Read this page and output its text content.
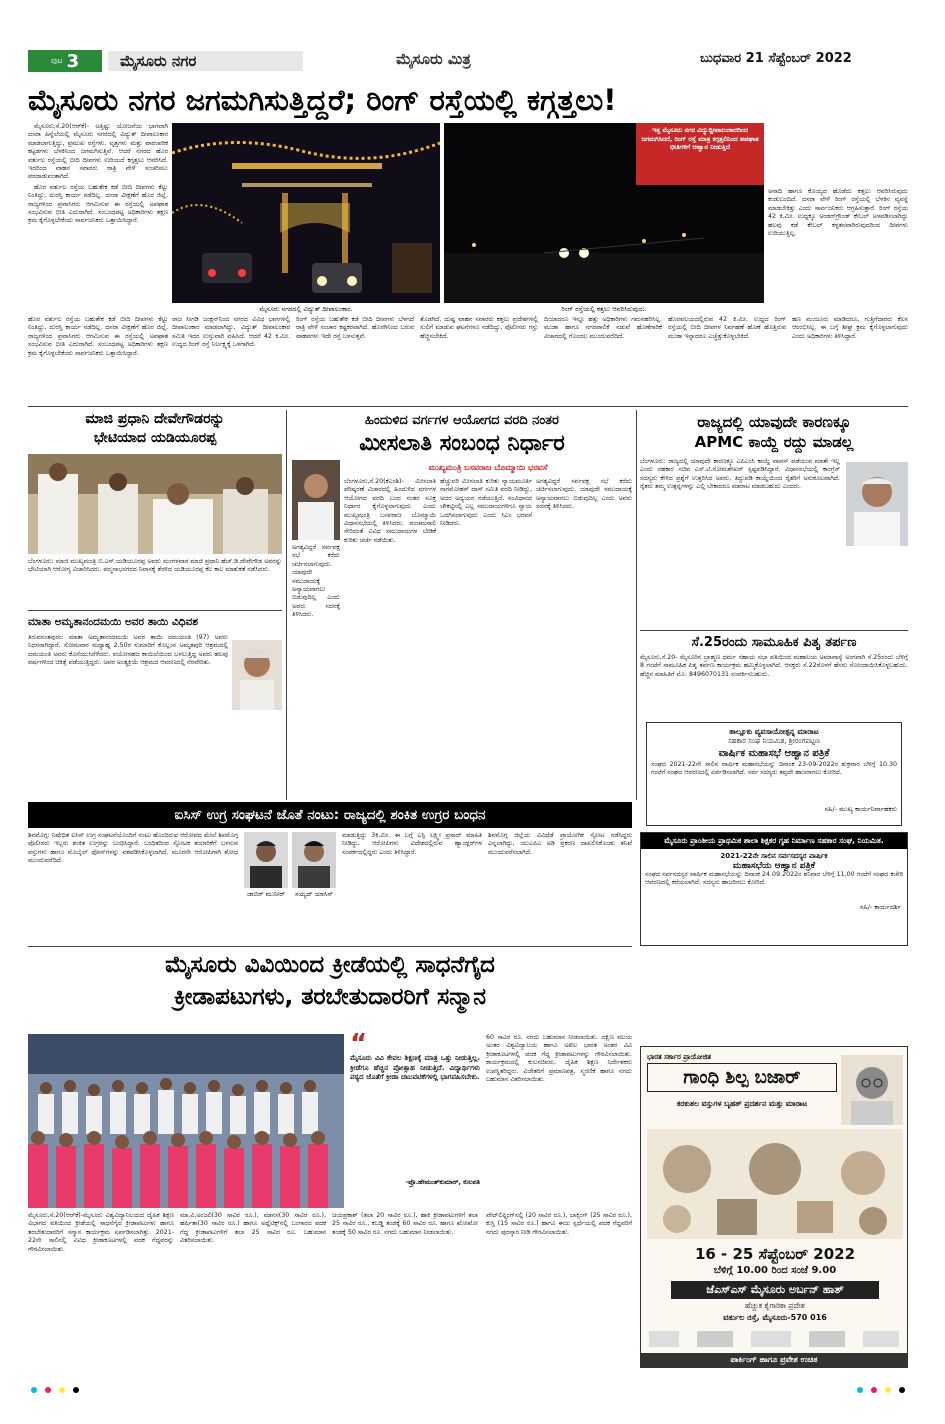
ಪುಟ 3	ಮೈಸೂರು ನಗರ	ಮೈಸೂರು ಮಿತ್ರ	ಬುಧವಾರ 21 ಸೆಪ್ಟೆಂಬರ್ 2022
ಮೈಸೂರು ನಗರ ಜಗಮಗಿಸುತ್ತಿದ್ದರೆ; ರಿಂಗ್ ರಸ್ತೆಯಲ್ಲಿ ಕಗ್ಗತ್ತಲು!

ಮೈಸೂರು,ಸೆ.20(ಆರ್‌ಕೆ)- ಅತ್ತಿಷ್ಟು ಯೋಜನೆಯ ಭಾಗವಾಗಿ ದಸರಾ ಹಿನ್ನೆಲೆಯಲ್ಲಿ ಮೈಸೂರು ನಗರದಲ್ಲಿ ವಿದ್ಯುತ್ ದೀಪಾಲಂಕಾರ ಮಾಡಲಾಗುತ್ತಿದ್ದು, ಪ್ರಮುಖ ರಸ್ತೆಗಳು, ವೃತ್ತಗಳು ಮತ್ತು ಪಾರಂಪರಿಕ ಕಟ್ಟಡಗಳು ಬೆಳಕಿನಿಂದ ಜಗಮಗಿಸುತ್ತಿವೆ. ಆದರೆ ನಗರದ ಹೊರ ವರ್ತುಲ ರಸ್ತೆಯಲ್ಲಿ ಬೀದಿ ದೀಪಗಳು ಉರಿಯದೆ ಕಗ್ಗತ್ತಲು ಆವರಿಸಿದೆ. ಇದರಿಂದ ವಾಹನ ಸವಾರರು ರಾತ್ರಿ ವೇಳೆ ಸಂಚರಿಸಲು ಪರದಾಡುವಂತಾಗಿದೆ.

ಹೊರ ವರ್ತುಲ ರಸ್ತೆಯ ಬಹುತೇಕ ಕಡೆ ಬೀದಿ ದೀಪಗಳು ಕೆಟ್ಟು ನಿಂತಿದ್ದು, ದುರಸ್ತಿ ಕಾರ್ಯ ನಡೆದಿಲ್ಲ. ದಸರಾ ವೀಕ್ಷಣೆಗೆ ಹೊರ ಜಿಲ್ಲೆ, ರಾಜ್ಯಗಳಿಂದ ಪ್ರವಾಸಿಗರು ಆಗಮಿಸುವ ಈ ರಸ್ತೆಯಲ್ಲಿ ಅಪಘಾತ ಸಂಭವಿಸುವ ಭೀತಿ ಎದುರಾಗಿದೆ. ಸಂಬಂಧಪಟ್ಟ ಅಧಿಕಾರಿಗಳು ತಕ್ಷಣ ಕ್ರಮ ಕೈಗೊಳ್ಳಬೇಕೆಂದು ಸಾರ್ವಜನಿಕರು ಒತ್ತಾಯಿಸಿದ್ದಾರೆ.

ಮೈಸೂರು ನಗರದಲ್ಲಿ ವಿದ್ಯುತ್ ದೀಪಾಲಂಕಾರ.
ಇತ್ತ ಮೈಸೂರು ನಗರ ವಿದ್ಯುದ್ದೀಪಾಲಂಕಾರದಿಂದ ಜಗಮಗಿಸಿದರೆ, ರಿಂಗ್ ರಸ್ತೆ ಮಾತ್ರ ಕಗ್ಗತ್ತಲಿನಿಂದ ಅಪಘಾತ ಭೀತಿಗಳಿಗೆ ಆಹ್ವಾನ ನೀಡುತ್ತಿದೆ
ರಿಂಗ್ ರಸ್ತೆಯಲ್ಲಿ ಕತ್ತಲು ಆವರಿಸಿರುವುದು.
ಅನಾದಿ ಹಾಗೂ ಕೊಯ್ಯದ ಹೊಡೆದು ಕತ್ತಲು ಆವರಿಸಿರುವುದು ಕಂಡುಬಂದಿದೆ. ದಸರಾ ವೇಳೆ ರಿಂಗ್ ರಸ್ತೆಯಲ್ಲಿ ಬೆಳಕಿನ ವ್ಯವಸ್ಥೆ ಮಾಡಬೇಕಿತ್ತು ಎಂದು ಸಾರ್ವಜನಿಕರು ಆಗ್ರಹಿಸುತ್ತಾರೆ. ರಿಂಗ್ ರಸ್ತೆಯ 42 ಕಿ.ಮೀ. ಉದ್ದಕ್ಕೂ ಅಂಡರ್‌ಗ್ರೌಂಡ್ ಕೇಬಲ್ ಅಳವಡಿಸಲಾಗಿದ್ದು ಹಲವು ಕಡೆ ಕೇಬಲ್ ಕಳ್ಳತನವಾಗಿರುವುದರಿಂದ ದೀಪಗಳು ಉರಿಯುತ್ತಿಲ್ಲ.
ರಾಜ ಸೀಗಡಿ ಜಂಕ್ಷನ್‌ನಿಂದ ನಗರದ ವಿವಿಧ ಭಾಗಗಳಲ್ಲಿ ದೀಪಾಲಂಕಾರ ಮಾಡಲಾಗಿದ್ದು, ವಿದ್ಯುತ್ ದೀಪಾಲಂಕಾರ ಸಮಿತಿ ಇದರ ಉಸ್ತುವಾರಿ ವಹಿಸಿದೆ. ಆದರೆ 42 ಕಿ.ಮೀ. ಉದ್ದದ ರಿಂಗ್ ರಸ್ತೆ ನಿರ್ಲಕ್ಷ್ಯಕ್ಕೆ ಒಳಗಾಗಿದೆ.
ರಿಂಗ್ ರಸ್ತೆಯ ಬಹುತೇಕ ಕಡೆ ಬೀದಿ ದೀಪಗಳು ಬೆಳಗದೆ ರಾತ್ರಿ ವೇಳೆ ಸಂಚಾರ ಕಷ್ಟಕರವಾಗಿದೆ. ಹೊರಗಿನಿಂದ ಬರುವ ವಾಹನಗಳು ಇದೇ ರಸ್ತೆ ಬಳಸುತ್ತವೆ.
ತೊಡಗಿದೆ. ದುಷ್ಟ ವಾಹನ ಸವಾರರು ಕತ್ತಲು ಪ್ರದೇಶಗಳಲ್ಲಿ ಸುಲಿಗೆ ಮಾಡುವ ಘಟನೆಗಳೂ ನಡೆದಿದ್ದು, ಪೊಲೀಸರು ಗಸ್ತು ಹೆಚ್ಚಿಸಬೇಕಿದೆ.
ದಿಯಾದರೂ ಇನ್ನೂ ಹತ್ತು ಅಧಿಕಾರಿಗಳು ಗಮನಹರಿಸಿಲ್ಲ. ಮುಡಾ ಹಾಗೂ ನಗರಪಾಲಿಕೆ ನಡುವೆ ಹೊಣೆಗಾರಿಕೆ ವಿಚಾರದಲ್ಲಿ ಗೊಂದಲ ಮುಂದುವರೆದಿದೆ.
ಹೊರವಲಯದಲ್ಲಿರುವ 42 ಕಿ.ಮೀ. ಉದ್ದದ ರಿಂಗ್ ರಸ್ತೆಯಲ್ಲಿ ಬೀದಿ ದೀಪಗಳ ನಿರ್ವಹಣೆ ಹೊಣೆ ಹೊತ್ತಿರುವ ಮುಡಾ ಇನ್ನಾದರೂ ಎಚ್ಚೆತ್ತುಕೊಳ್ಳಬೇಕಿದೆ.
ಹಣ ಮಂಜೂರು ಮಾಡಿದರೂ, ಗುತ್ತಿಗೆದಾರರು ಕೆಲಸ ಆರಂಭಿಸಿಲ್ಲ. ಈ ಬಗ್ಗೆ ಶೀಘ್ರ ಕ್ರಮ ಕೈಗೊಳ್ಳಲಾಗುವುದು ಎಂದು ಅಧಿಕಾರಿಗಳು ತಿಳಿಸಿದ್ದಾರೆ.
ಹೊರ ವರ್ತುಲ ರಸ್ತೆಯ ಬಹುತೇಕ ಕಡೆ ಬೀದಿ ದೀಪಗಳು ಕೆಟ್ಟು ನಿಂತಿದ್ದು, ದುರಸ್ತಿ ಕಾರ್ಯ ನಡೆದಿಲ್ಲ. ದಸರಾ ವೀಕ್ಷಣೆಗೆ ಹೊರ ಜಿಲ್ಲೆ, ರಾಜ್ಯಗಳಿಂದ ಪ್ರವಾಸಿಗರು ಆಗಮಿಸುವ ಈ ರಸ್ತೆಯಲ್ಲಿ ಅಪಘಾತ ಸಂಭವಿಸುವ ಭೀತಿ ಎದುರಾಗಿದೆ. ಸಂಬಂಧಪಟ್ಟ ಅಧಿಕಾರಿಗಳು ತಕ್ಷಣ ಕ್ರಮ ಕೈಗೊಳ್ಳಬೇಕೆಂದು ಸಾರ್ವಜನಿಕರು ಒತ್ತಾಯಿಸಿದ್ದಾರೆ.
ಮಾಜಿ ಪ್ರಧಾನಿ ದೇವೇಗೌಡರನ್ನು
ಭೇಟಿಯಾದ ಯಡಿಯೂರಪ್ಪ
ಬೆಂಗಳೂರು: ಮಾಜಿ ಮುಖ್ಯಮಂತ್ರಿ ಬಿ.ಎಸ್.ಯಡಿಯೂರಪ್ಪ ಅವರು ಮಂಗಳವಾರ ಮಾಜಿ ಪ್ರಧಾನಿ ಹೆಚ್.ಡಿ.ದೇವೇಗೌಡ ಅವರನ್ನು ಭೇಟಿಯಾಗಿ ಆರೋಗ್ಯ ವಿಚಾರಿಸಿದರು. ಪದ್ಮನಾಭನಗರದ ನಿವಾಸಕ್ಕೆ ತೆರಳಿದ ಯಡಿಯೂರಪ್ಪ ಕೆಲ ಕಾಲ ಮಾತುಕತೆ ನಡೆಸಿದರು.
ಮಾತಾ ಅಮೃತಾನಂದಮಯಿ ಅವರ ತಾಯಿ ವಿಧಿವಶ
ತಿರುವನಂತಪುರಂ: ಮಾತಾ ಅಮೃತಾನಂದಮಯಿ ಅವರ ತಾಯಿ ದಮಯಂತಿ (97) ಅವರು ನಿಧನರಾಗಿದ್ದಾರೆ. ಸೋಮವಾರ ಮಧ್ಯಾಹ್ನ 2.50ರ ಸುಮಾರಿಗೆ ಕೊಲ್ಲಂನ ಅಮೃತಪುರಿ ಆಶ್ರಮದಲ್ಲಿ ದಮಯಂತಿ ಅವರು ಕೊನೆಯುಸಿರೆಳೆದರು. ವಯೋಸಹಜ ಕಾಯಿಲೆಯಿಂದ ಬಳಲುತ್ತಿದ್ದ ಅವರು ಹಲವು ವರ್ಷಗಳಿಂದ ಚಿಕಿತ್ಸೆ ಪಡೆಯುತ್ತಿದ್ದರು. ಅವರ ಅಂತ್ಯಕ್ರಿಯೆ ಆಶ್ರಮದ ಆವರಣದಲ್ಲಿ ನೆರವೇರಿತು.
ಹಿಂದುಳಿದ ವರ್ಗಗಳ ಆಯೋಗದ ವರದಿ ನಂತರ
ಮೀಸಲಾತಿ ಸಂಬಂಧ ನಿರ್ಧಾರ
ಮುಖ್ಯಮಂತ್ರಿ ಬಸವರಾಜ ಬೊಮ್ಮಾಯಿ ಭರವಸೆ
ಬೆಂಗಳೂರು,ಸೆ.20(ಕೆಎಂಶಿ)- ಮೀಸಲಾತಿ ಪರಿಷ್ಕರಣೆ ವಿಚಾರದಲ್ಲಿ ಹಿಂದುಳಿದ ವರ್ಗಗಳ ಆಯೋಗದ ವರದಿ ಬಂದ ನಂತರ ಸೂಕ್ತ ನಿರ್ಧಾರ ಕೈಗೊಳ್ಳಲಾಗುವುದು ಎಂದು ಮುಖ್ಯಮಂತ್ರಿ ಬಸವರಾಜ ಬೊಮ್ಮಾಯಿ ವಿಧಾನಸಭೆಯಲ್ಲಿ ತಿಳಿಸಿದರು. ಪಂಚಮಸಾಲಿ ಸೇರಿದಂತೆ ವಿವಿಧ ಸಮುದಾಯಗಳ ಬೇಡಿಕೆ ಕುರಿತು ಚರ್ಚೆ ನಡೆಯಿತು.
ಹೆಚ್ಚುವರಿ ಮೀಸಲಾತಿ ಕುರಿತು ನ್ಯಾಯಮೂರ್ತಿ ನಾಗಮೋಹನ್ ದಾಸ್ ಸಮಿತಿ ವರದಿ ನೀಡಿದ್ದು, ಅದರ ಅಧ್ಯಯನ ನಡೆಯುತ್ತಿದೆ. ಸಂವಿಧಾನದ ಚೌಕಟ್ಟಿನಲ್ಲಿ ಎಲ್ಲ ಸಮುದಾಯಗಳಿಗೂ ನ್ಯಾಯ ಒದಗಿಸಲಾಗುವುದು ಎಂದು ಸಿಎಂ ಭರವಸೆ ನೀಡಿದರು.
ಅಗತ್ಯವಿದ್ದರೆ ಸರ್ವಪಕ್ಷ ಸಭೆ ಕರೆದು ಚರ್ಚಿಸಲಾಗುವುದು. ಯಾವುದೇ ಸಮುದಾಯಕ್ಕೆ ಅನ್ಯಾಯವಾಗಲು ಬಿಡುವುದಿಲ್ಲ ಎಂದು ಅವರು ಸದನಕ್ಕೆ ತಿಳಿಸಿದರು.
ಅಗತ್ಯವಿದ್ದರೆ ಸರ್ವಪಕ್ಷ ಸಭೆ ಕರೆದು ಚರ್ಚಿಸಲಾಗುವುದು. ಯಾವುದೇ ಸಮುದಾಯಕ್ಕೆ ಅನ್ಯಾಯವಾಗಲು ಬಿಡುವುದಿಲ್ಲ ಎಂದು ಅವರು ಸದನಕ್ಕೆ ತಿಳಿಸಿದರು.
ರಾಜ್ಯದಲ್ಲಿ ಯಾವುದೇ ಕಾರಣಕ್ಕೂ
APMC ಕಾಯ್ದೆ ರದ್ದು ಮಾಡಲ್ಲ
ಬೆಂಗಳೂರು: ರಾಜ್ಯದಲ್ಲಿ ಯಾವುದೇ ಕಾರಣಕ್ಕೂ ಎಪಿಎಂಸಿ ಕಾಯ್ದೆ ವಾಪಸ್ ಪಡೆಯುವ ಮಾತೇ ಇಲ್ಲ ಎಂದು ಸಹಕಾರ ಸಚಿವ ಎಸ್.ಟಿ.ಸೋಮಶೇಖರ್ ಸ್ಪಷ್ಟಪಡಿಸಿದ್ದಾರೆ. ವಿಧಾನಸಭೆಯಲ್ಲಿ ಕಾಂಗ್ರೆಸ್ ಸದಸ್ಯರು ಕೇಳಿದ ಪ್ರಶ್ನೆಗೆ ಉತ್ತರಿಸಿದ ಅವರು, ತಿದ್ದುಪಡಿ ಕಾಯ್ದೆಯಿಂದ ರೈತರಿಗೆ ಅನುಕೂಲವಾಗಿದೆ. ರೈತರು ತಮ್ಮ ಉತ್ಪನ್ನಗಳನ್ನು ಎಲ್ಲಿ ಬೇಕಾದರೂ ಮಾರಾಟ ಮಾಡಬಹುದು ಎಂದರು.
ಸೆ.25ರಂದು ಸಾಮೂಹಿಕ ಪಿತೃ ತರ್ಪಣ
ಮೈಸೂರು,ಸೆ.20- ಮೈಸೂರಿನ ಬ್ರಾಹ್ಮಣ ಧರ್ಮ ಸಹಾಯ ಸಭಾ ವತಿಯಿಂದ ಮಹಾಲಯ ಅಮಾವಾಸ್ಯೆ ಅಂಗವಾಗಿ ಸೆ.25ರಂದು ಬೆಳಿಗ್ಗೆ 8 ಗಂಟೆಗೆ ಸಾಮೂಹಿಕ ಪಿತೃ ತರ್ಪಣ ಕಾರ್ಯಕ್ರಮ ಹಮ್ಮಿಕೊಳ್ಳಲಾಗಿದೆ. ಆಸಕ್ತರು ಸೆ.22ರೊಳಗೆ ಹೆಸರು ನೋಂದಾಯಿಸಿಕೊಳ್ಳಬಹುದು. ಹೆಚ್ಚಿನ ಮಾಹಿತಿಗೆ ಮೊ: 8496070131 ಸಂಪರ್ಕಿಸಬಹುದು.
ತಾಲ್ಲೂಕು ವ್ಯವಸಾಯೋತ್ಪನ್ನ ಮಾರಾಟ
ಸಹಕಾರ ಸಂಘ ನಿಯಮಿತ, ಶ್ರೀರಂಗಪಟ್ಟಣ
ವಾರ್ಷಿಕ ಮಹಾಸಭೆ ಆಹ್ವಾನ ಪತ್ರಿಕೆ
ಸಂಘದ 2021-22ನೇ ಸಾಲಿನ ವಾರ್ಷಿಕ ಮಹಾಸಭೆಯನ್ನು ದಿನಾಂಕ 23-09-2022ರ ಶುಕ್ರವಾರ ಬೆಳಿಗ್ಗೆ 10.30 ಗಂಟೆಗೆ ಸಂಘದ ಆವರಣದಲ್ಲಿ ಏರ್ಪಡಿಸಲಾಗಿದೆ. ಸರ್ವ ಸದಸ್ಯರು ತಪ್ಪದೇ ಹಾಜರಾಗಲು ಕೋರಿದೆ.
ಸಹಿ/- ಮುಖ್ಯ ಕಾರ್ಯನಿರ್ವಾಹಕರು
ಐಸಿಸ್ ಉಗ್ರ ಸಂಘಟನೆ ಜೊತೆ ನಂಟು: ರಾಜ್ಯದಲ್ಲಿ ಶಂಕಿತ ಉಗ್ರರ ಬಂಧನ
ಶಿವಮೊಗ್ಗ: ನಿಷೇಧಿತ ಐಸಿಸ್ ಉಗ್ರ ಸಂಘಟನೆಯೊಂದಿಗೆ ನಂಟು ಹೊಂದಿರುವ ಆರೋಪದ ಮೇಲೆ ಶಿವಮೊಗ್ಗ ಪೊಲೀಸರು ಇಬ್ಬರು ಶಂಕಿತ ಉಗ್ರರನ್ನು ಬಂಧಿಸಿದ್ದಾರೆ. ಬಂಧಿತರಿಂದ ಸ್ಫೋಟಕ ತಯಾರಿಕೆಗೆ ಬಳಸುವ ವಸ್ತುಗಳು ಹಾಗೂ ಮೊಬೈಲ್ ಫೋನ್‌ಗಳನ್ನು ವಶಪಡಿಸಿಕೊಳ್ಳಲಾಗಿದೆ. ಮೂರನೇ ಆರೋಪಿಗಾಗಿ ಶೋಧ ಮುಂದುವರೆದಿದೆ.
ಜಾಬಿರ್ ಮುನೀರ್	ಸಯ್ಯದ್ ಯಾಸಿನ್
ಮಾಡುತ್ತಿದ್ದು 3ಕಿ.ಮೀ. ಈ ಬಗ್ಗೆ ಎಸ್ಪಿ ಲಕ್ಷ್ಮೀ ಪ್ರಸಾದ್ ಮಾಹಿತಿ ನೀಡಿದ್ದು, ಆರೋಪಿಗಳು ವಿದೇಶದಲ್ಲಿರುವ ಹ್ಯಾಂಡ್ಲರ್‌ಗಳ ಸಂಪರ್ಕದಲ್ಲಿದ್ದರು ಎಂದು ತಿಳಿಸಿದ್ದಾರೆ.
ಶಿವಮೊಗ್ಗ ಜಿಲ್ಲೆಯ ವಿವಿಧೆಡೆ ಪ್ರಾಯೋಗಿಕ ಸ್ಫೋಟ ನಡೆಸಿದ್ದರು ಎನ್ನಲಾಗಿದ್ದು, ಯುಎಪಿಎ ಅಡಿ ಪ್ರಕರಣ ದಾಖಲಿಸಿಕೊಂಡು ತನಿಖೆ ಮುಂದುವರೆಸಲಾಗಿದೆ.
ಮೈಸೂರು ಪ್ರಾಂತೀಯ ಪ್ರಾಥಮಿಕ ಶಾಲಾ ಶಿಕ್ಷಕರ ಗೃಹ ನಿರ್ಮಾಣ ಸಹಕಾರ ಸಂಘ, ನಿಯಮಿತ.
2021-22ನೇ ಸಾಲಿನ ಸರ್ವಸದಸ್ಯರ ವಾರ್ಷಿಕ
ಮಹಾಸಭೆಯ ಆಹ್ವಾನ ಪತ್ರಿಕೆ
ಸಂಘದ ಸರ್ವಸದಸ್ಯರ ವಾರ್ಷಿಕ ಮಹಾಸಭೆಯನ್ನು ದಿನಾಂಕ 24.09.2022ರ ಶನಿವಾರ ಬೆಳಿಗ್ಗೆ 11.00 ಗಂಟೆಗೆ ಸಂಘದ ಕಚೇರಿ ಆವರಣದಲ್ಲಿ ಕರೆಯಲಾಗಿದೆ. ಸದಸ್ಯರು ಹಾಜರಿರಲು ಕೋರಿದೆ.
ಸಹಿ/- ಕಾರ್ಯದರ್ಶಿ
ಮೈಸೂರು ವಿವಿಯಿಂದ ಕ್ರೀಡೆಯಲ್ಲಿ ಸಾಧನೆಗೈದ
ಕ್ರೀಡಾಪಟುಗಳು, ತರಬೇತುದಾರರಿಗೆ ಸನ್ಮಾನ
“
ಮೈಸೂರು ವಿವಿ ಕೇವಲ ಶಿಕ್ಷಣಕ್ಕೆ ಮಾತ್ರ ಒತ್ತು ನೀಡುತ್ತಿಲ್ಲ. ಕ್ರೀಡೆಗೂ ಹೆಚ್ಚಿನ ಪ್ರೋತ್ಸಾಹ ನೀಡುತ್ತಿದೆ. ವಿದ್ಯಾರ್ಥಿಗಳು ಪಠ್ಯದ ಜೊತೆಗೆ ಕ್ರೀಡಾ ಚಟುವಟಿಕೆಗಳಲ್ಲಿ ಭಾಗವಹಿಸಬೇಕು.
-ಪ್ರೊ.ಹೇಮಂತ್‌ಕುಮಾರ್, ಕುಲಪತಿ
60 ಸಾವಿರ ರೂ. ನಗದು ಬಹುಮಾನ ನೀಡಲಾಯಿತು. ದಕ್ಷಿಣ ವಲಯ ಅಂತರ ವಿಶ್ವವಿದ್ಯಾಲಯ ಹಾಗೂ ಅಖಿಲ ಭಾರತ ಅಂತರ ವಿವಿ ಕ್ರೀಡಾಕೂಟಗಳಲ್ಲಿ ಪದಕ ಗೆದ್ದ ಕ್ರೀಡಾಪಟುಗಳನ್ನು ಗೌರವಿಸಲಾಯಿತು. ಕಾರ್ಯಕ್ರಮದಲ್ಲಿ ಕುಲಸಚಿವರು, ದೈಹಿಕ ಶಿಕ್ಷಣ ನಿರ್ದೇಶಕರು ಉಪಸ್ಥಿತರಿದ್ದರು. ವಿಜೇತರಿಗೆ ಪ್ರಮಾಣಪತ್ರ, ಸ್ಮರಣಿಕೆ ಹಾಗೂ ನಗದು ಬಹುಮಾನ ವಿತರಿಸಲಾಯಿತು.
ಮೈಸೂರು,ಸೆ.20(ಆರ್‌ಕೆ)-ಮೈಸೂರು ವಿಶ್ವವಿದ್ಯಾನಿಲಯದ ದೈಹಿಕ ಶಿಕ್ಷಣ ವಿಭಾಗದ ವತಿಯಿಂದ ಕ್ರೀಡೆಯಲ್ಲಿ ಸಾಧನೆಗೈದ ಕ್ರೀಡಾಪಟುಗಳು ಹಾಗೂ ತರಬೇತುದಾರರಿಗೆ ಸನ್ಮಾನ ಕಾರ್ಯಕ್ರಮ ಏರ್ಪಡಿಸಲಾಗಿತ್ತು. 2021-22ನೇ ಸಾಲಿನಲ್ಲಿ ವಿವಿಧ ಕ್ರೀಡಾಕೂಟಗಳಲ್ಲಿ ಪದಕ ಗೆದ್ದವರನ್ನು ಗೌರವಿಸಲಾಯಿತು.
ಮಾ.ವಿ.ಅಂಜಲಿ(30 ಸಾವಿರ ರೂ.), ಮಾನಸ(30 ಸಾವಿರ ರೂ.), ಹರ್ಷಿತಾ(30 ಸಾವಿರ ರೂ.) ಹಾಗೂ ಅಥ್ಲೆಟಿಕ್ಸ್‌ನಲ್ಲಿ ಬಂಗಾರದ ಪದಕ ಗೆದ್ದ ಕ್ರೀಡಾಪಟುಗಳಿಗೆ ತಲಾ 25 ಸಾವಿರ ರೂ. ಬಹುಮಾನ ವಿತರಿಸಲಾಯಿತು.
ಜಯಪ್ರಕಾಶ್ (ತಲಾ 20 ಸಾವಿರ ರೂ.), ಹಾಕಿ ಕ್ರೀಡಾಪಟುಗಳಿಗೆ ತಲಾ 25 ಸಾವಿರ ರೂ., ಕಬಡ್ಡಿ ತಂಡಕ್ಕೆ 60 ಸಾವಿರ ರೂ. ಹಾಗೂ ಖೋಖೋ ತಂಡಕ್ಕೆ 50 ಸಾವಿರ ರೂ. ನಗದು ಬಹುಮಾನ ನೀಡಲಾಯಿತು.
ವೇಟ್‌ಲಿಫ್ಟಿಂಗ್‌ನಲ್ಲಿ (20 ಸಾವಿರ ರೂ.), ಬಾಕ್ಸಿಂಗ್ (25 ಸಾವಿರ ರೂ.), ಕುಸ್ತಿ (15 ಸಾವಿರ ರೂ.) ಹಾಗೂ ಈಜು ಸ್ಪರ್ಧೆಯಲ್ಲಿ ಪದಕ ಗೆದ್ದವರಿಗೆ ನಗದು ಪುರಸ್ಕಾರ ನೀಡಿ ಗೌರವಿಸಲಾಯಿತು.
ಭಾರತ ಸರ್ಕಾರ ಪ್ರಾಯೋಜಿತ
ಗಾಂಧಿ ಶಿಲ್ಪ ಬಜಾರ್
ಕರಕುಶಲ ವಸ್ತುಗಳ ಬೃಹತ್ ಪ್ರದರ್ಶನ ಮತ್ತು ಮಾರಾಟ
16 - 25 ಸೆಪ್ಟೆಂಬರ್ 2022
ಬೆಳಿಗ್ಗೆ 10.00 ರಿಂದ ಸಂಜೆ 9.00
ಜೆಎಸ್‌ಎಸ್ ಮೈಸೂರು ಅರ್ಬನ್ ಹಾತ್
ಹೆಚ್ಚುಕ ಕೈಗಾರಿಕಾ ಪ್ರದೇಶ
ವರ್ತುಲ ರಸ್ತೆ, ಮೈಸೂರು-570 016
ಪಾರ್ಕಿಂಗ್ ಹಾಗೂ ಪ್ರವೇಶ ಉಚಿತ
